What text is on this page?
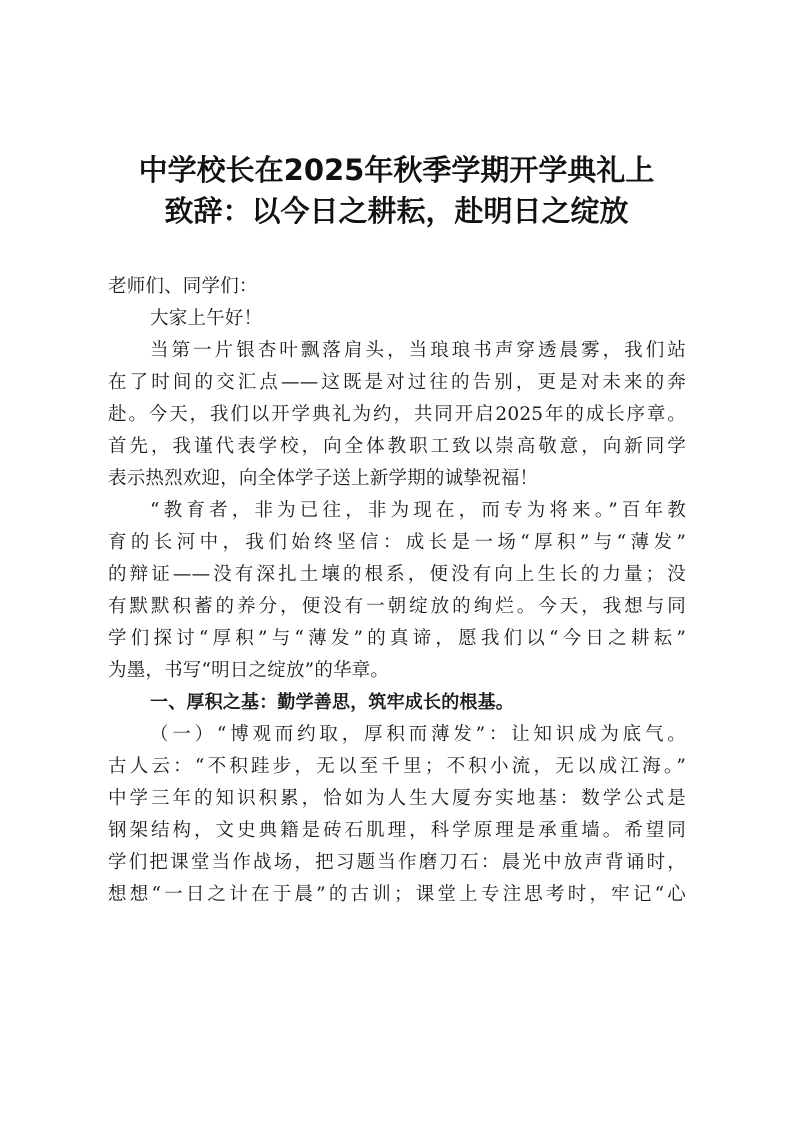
中学校长在2025年秋季学期开学典礼上
致辞：以今日之耕耘，赴明日之绽放
老师们、同学们：
大家上午好！
当第一片银杏叶飘落肩头，当琅琅书声穿透晨雾，我们站
在了时间的交汇点——这既是对过往的告别，更是对未来的奔
赴。今天，我们以开学典礼为约，共同开启2025年的成长序章。
首先，我谨代表学校，向全体教职工致以崇高敬意，向新同学
表示热烈欢迎，向全体学子送上新学期的诚挚祝福！
“教育者，非为已往，非为现在，而专为将来。”百年教
育的长河中，我们始终坚信：成长是一场“厚积”与“薄发”
的辩证——没有深扎土壤的根系，便没有向上生长的力量；没
有默默积蓄的养分，便没有一朝绽放的绚烂。今天，我想与同
学们探讨“厚积”与“薄发”的真谛，愿我们以“今日之耕耘”
为墨，书写“明日之绽放”的华章。
一、厚积之基：勤学善思，筑牢成长的根基。
（一）“博观而约取，厚积而薄发”：让知识成为底气。
古人云：“不积跬步，无以至千里；不积小流，无以成江海。”
中学三年的知识积累，恰如为人生大厦夯实地基：数学公式是
钢架结构，文史典籍是砖石肌理，科学原理是承重墙。希望同
学们把课堂当作战场，把习题当作磨刀石：晨光中放声背诵时，
想想“一日之计在于晨”的古训；课堂上专注思考时，牢记“心
